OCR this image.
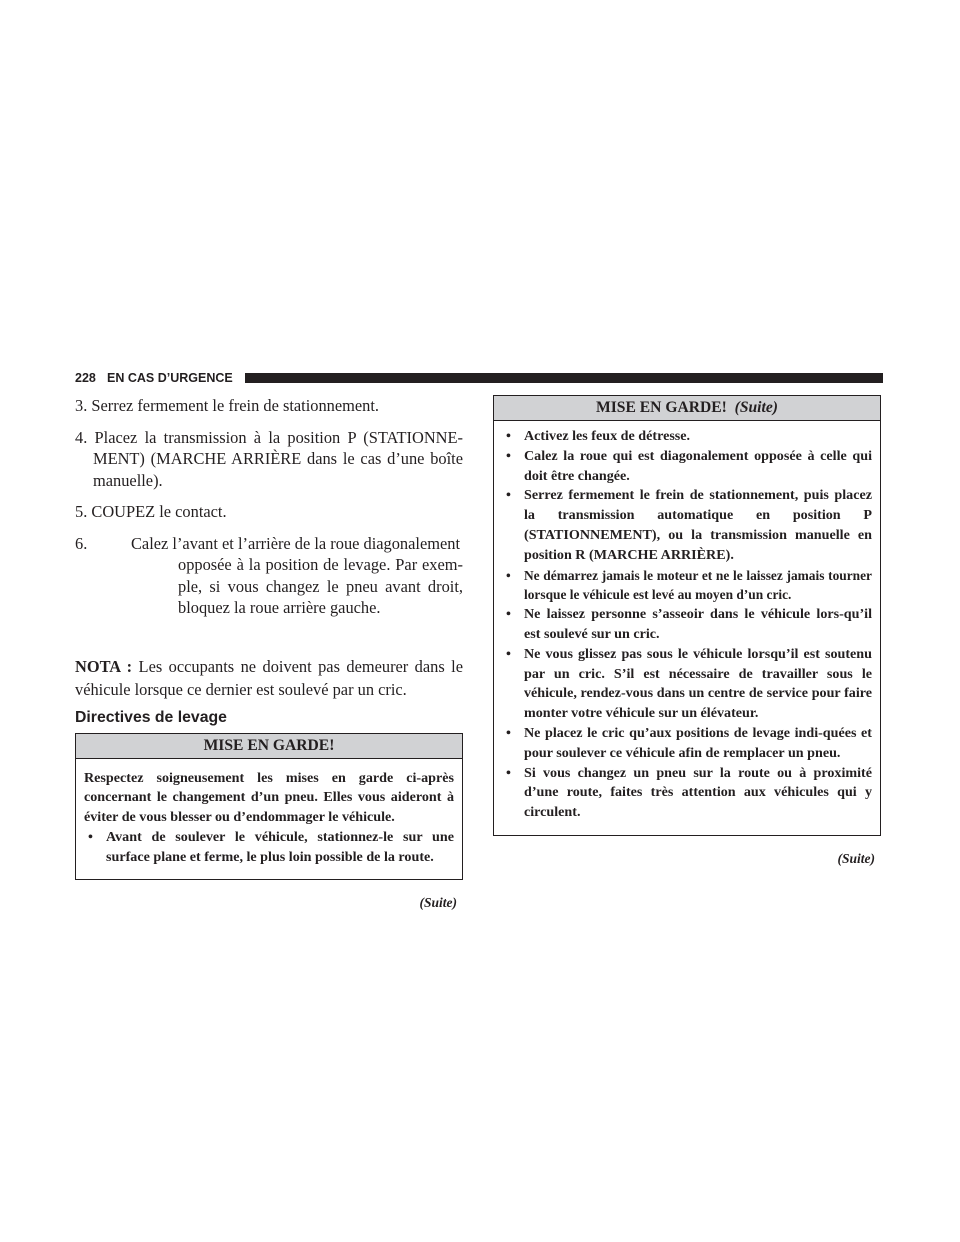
228 EN CAS D’URGENCE

3. Serrez fermement le frein de stationnement.

4. Placez la transmission à la position P (STATIONNE-MENT) (MARCHE ARRIÈRE dans le cas d’une boîte manuelle).

5. COUPEZ le contact.

6.	Calez l’avant et l’arrière de la roue diagonalement
opposée à la position de levage. Par exem-ple, si vous changez le pneu avant droit, bloquez la roue arrière gauche.

NOTA : Les occupants ne doivent pas demeurer dans le véhicule lorsque ce dernier est soulevé par un cric.

Directives de levage
MISE EN GARDE!

Respectez soigneusement les mises en garde ci-après concernant le changement d’un pneu. Elles vous aideront à éviter de vous blesser ou d’endommager le véhicule.

• Avant de soulever le véhicule, stationnez-le sur une surface plane et ferme, le plus loin possible de la route.
(Suite)
MISE EN GARDE! (Suite)
• Activez les feux de détresse.
• Calez la roue qui est diagonalement opposée à celle qui doit être changée.
• Serrez fermement le frein de stationnement, puis placez la transmission automatique en position P (STATIONNEMENT), ou la transmission manuelle en position R (MARCHE ARRIÈRE).
• Ne démarrez jamais le moteur et ne le laissez jamais tourner lorsque le véhicule est levé au moyen d’un cric.
• Ne laissez personne s’asseoir dans le véhicule lors-qu’il est soulevé sur un cric.
• Ne vous glissez pas sous le véhicule lorsqu’il est soutenu par un cric. S’il est nécessaire de travailler sous le véhicule, rendez-vous dans un centre de service pour faire monter votre véhicule sur un élévateur.
• Ne placez le cric qu’aux positions de levage indi-quées et pour soulever ce véhicule afin de remplacer un pneu.
• Si vous changez un pneu sur la route ou à proximité d’une route, faites très attention aux véhicules qui y circulent.
(Suite)
